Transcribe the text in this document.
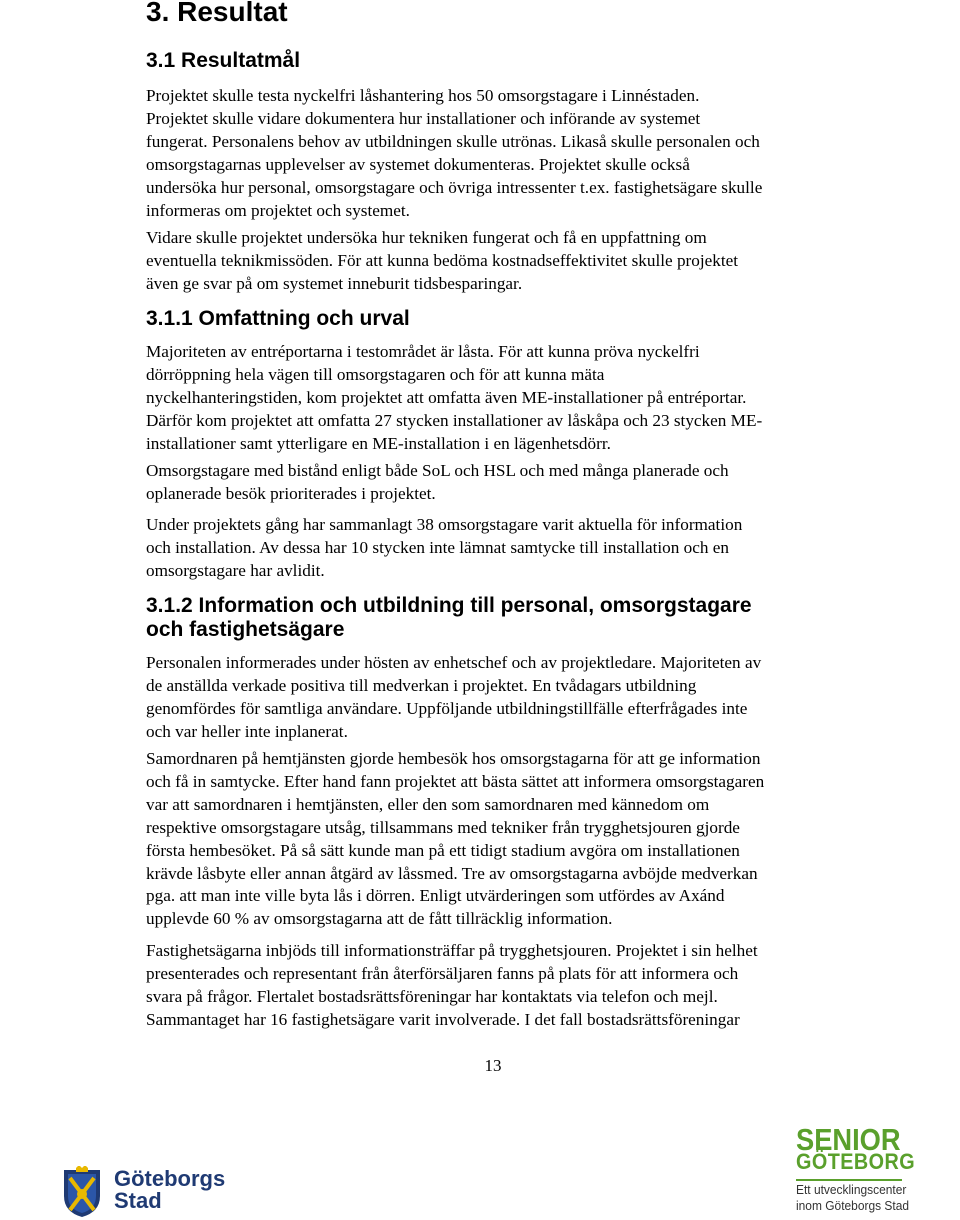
3. Resultat
3.1 Resultatmål

Projektet skulle testa nyckelfri låshantering hos 50 omsorgstagare i Linnéstaden.
Projektet skulle vidare dokumentera hur installationer och införande av systemet
fungerat. Personalens behov av utbildningen skulle utrönas. Likaså skulle personalen och
omsorgstagarnas upplevelser av systemet dokumenteras. Projektet skulle också
undersöka hur personal, omsorgstagare och övriga intressenter t.ex. fastighetsägare skulle
informeras om projektet och systemet.

Vidare skulle projektet undersöka hur tekniken fungerat och få en uppfattning om
eventuella teknikmissöden. För att kunna bedöma kostnadseffektivitet skulle projektet
även ge svar på om systemet inneburit tidsbesparingar.

3.1.1 Omfattning och urval

Majoriteten av entréportarna i testområdet är låsta. För att kunna pröva nyckelfri
dörröppning hela vägen till omsorgstagaren och för att kunna mäta
nyckelhanteringstiden, kom projektet att omfatta även ME-installationer på entréportar.
Därför kom projektet att omfatta 27 stycken installationer av låskåpa och 23 stycken ME-
installationer samt ytterligare en ME-installation i en lägenhetsdörr.

Omsorgstagare med bistånd enligt både SoL och HSL och med många planerade och
oplanerade besök prioriterades i projektet.

Under projektets gång har sammanlagt 38 omsorgstagare varit aktuella för information
och installation. Av dessa har 10 stycken inte lämnat samtycke till installation och en
omsorgstagare har avlidit.

3.1.2 Information och utbildning till personal, omsorgstagare
och fastighetsägare

Personalen informerades under hösten av enhetschef och av projektledare. Majoriteten av
de anställda verkade positiva till medverkan i projektet. En tvådagars utbildning
genomfördes för samtliga användare. Uppföljande utbildningstillfälle efterfrågades inte
och var heller inte inplanerat.

Samordnaren på hemtjänsten gjorde hembesök hos omsorgstagarna för att ge information
och få in samtycke. Efter hand fann projektet att bästa sättet att informera omsorgstagaren
var att samordnaren i hemtjänsten, eller den som samordnaren med kännedom om
respektive omsorgstagare utsåg, tillsammans med tekniker från trygghetsjouren gjorde
första hembesöket. På så sätt kunde man på ett tidigt stadium avgöra om installationen
krävde låsbyte eller annan åtgärd av låssmed. Tre av omsorgstagarna avböjde medverkan
pga. att man inte ville byta lås i dörren. Enligt utvärderingen som utfördes av Axánd
upplevde 60 % av omsorgstagarna att de fått tillräcklig information.

Fastighetsägarna inbjöds till informationsträffar på trygghetsjouren. Projektet i sin helhet
presenterades och representant från återförsäljaren fanns på plats för att informera och
svara på frågor. Flertalet bostadsrättsföreningar har kontaktats via telefon och mejl.
Sammantaget har 16 fastighetsägare varit involverade. I det fall bostadsrättsföreningar

13
Göteborgs
Stad
SENIOR
GÖTEBORG
Ett utvecklingscenter
inom Göteborgs Stad
